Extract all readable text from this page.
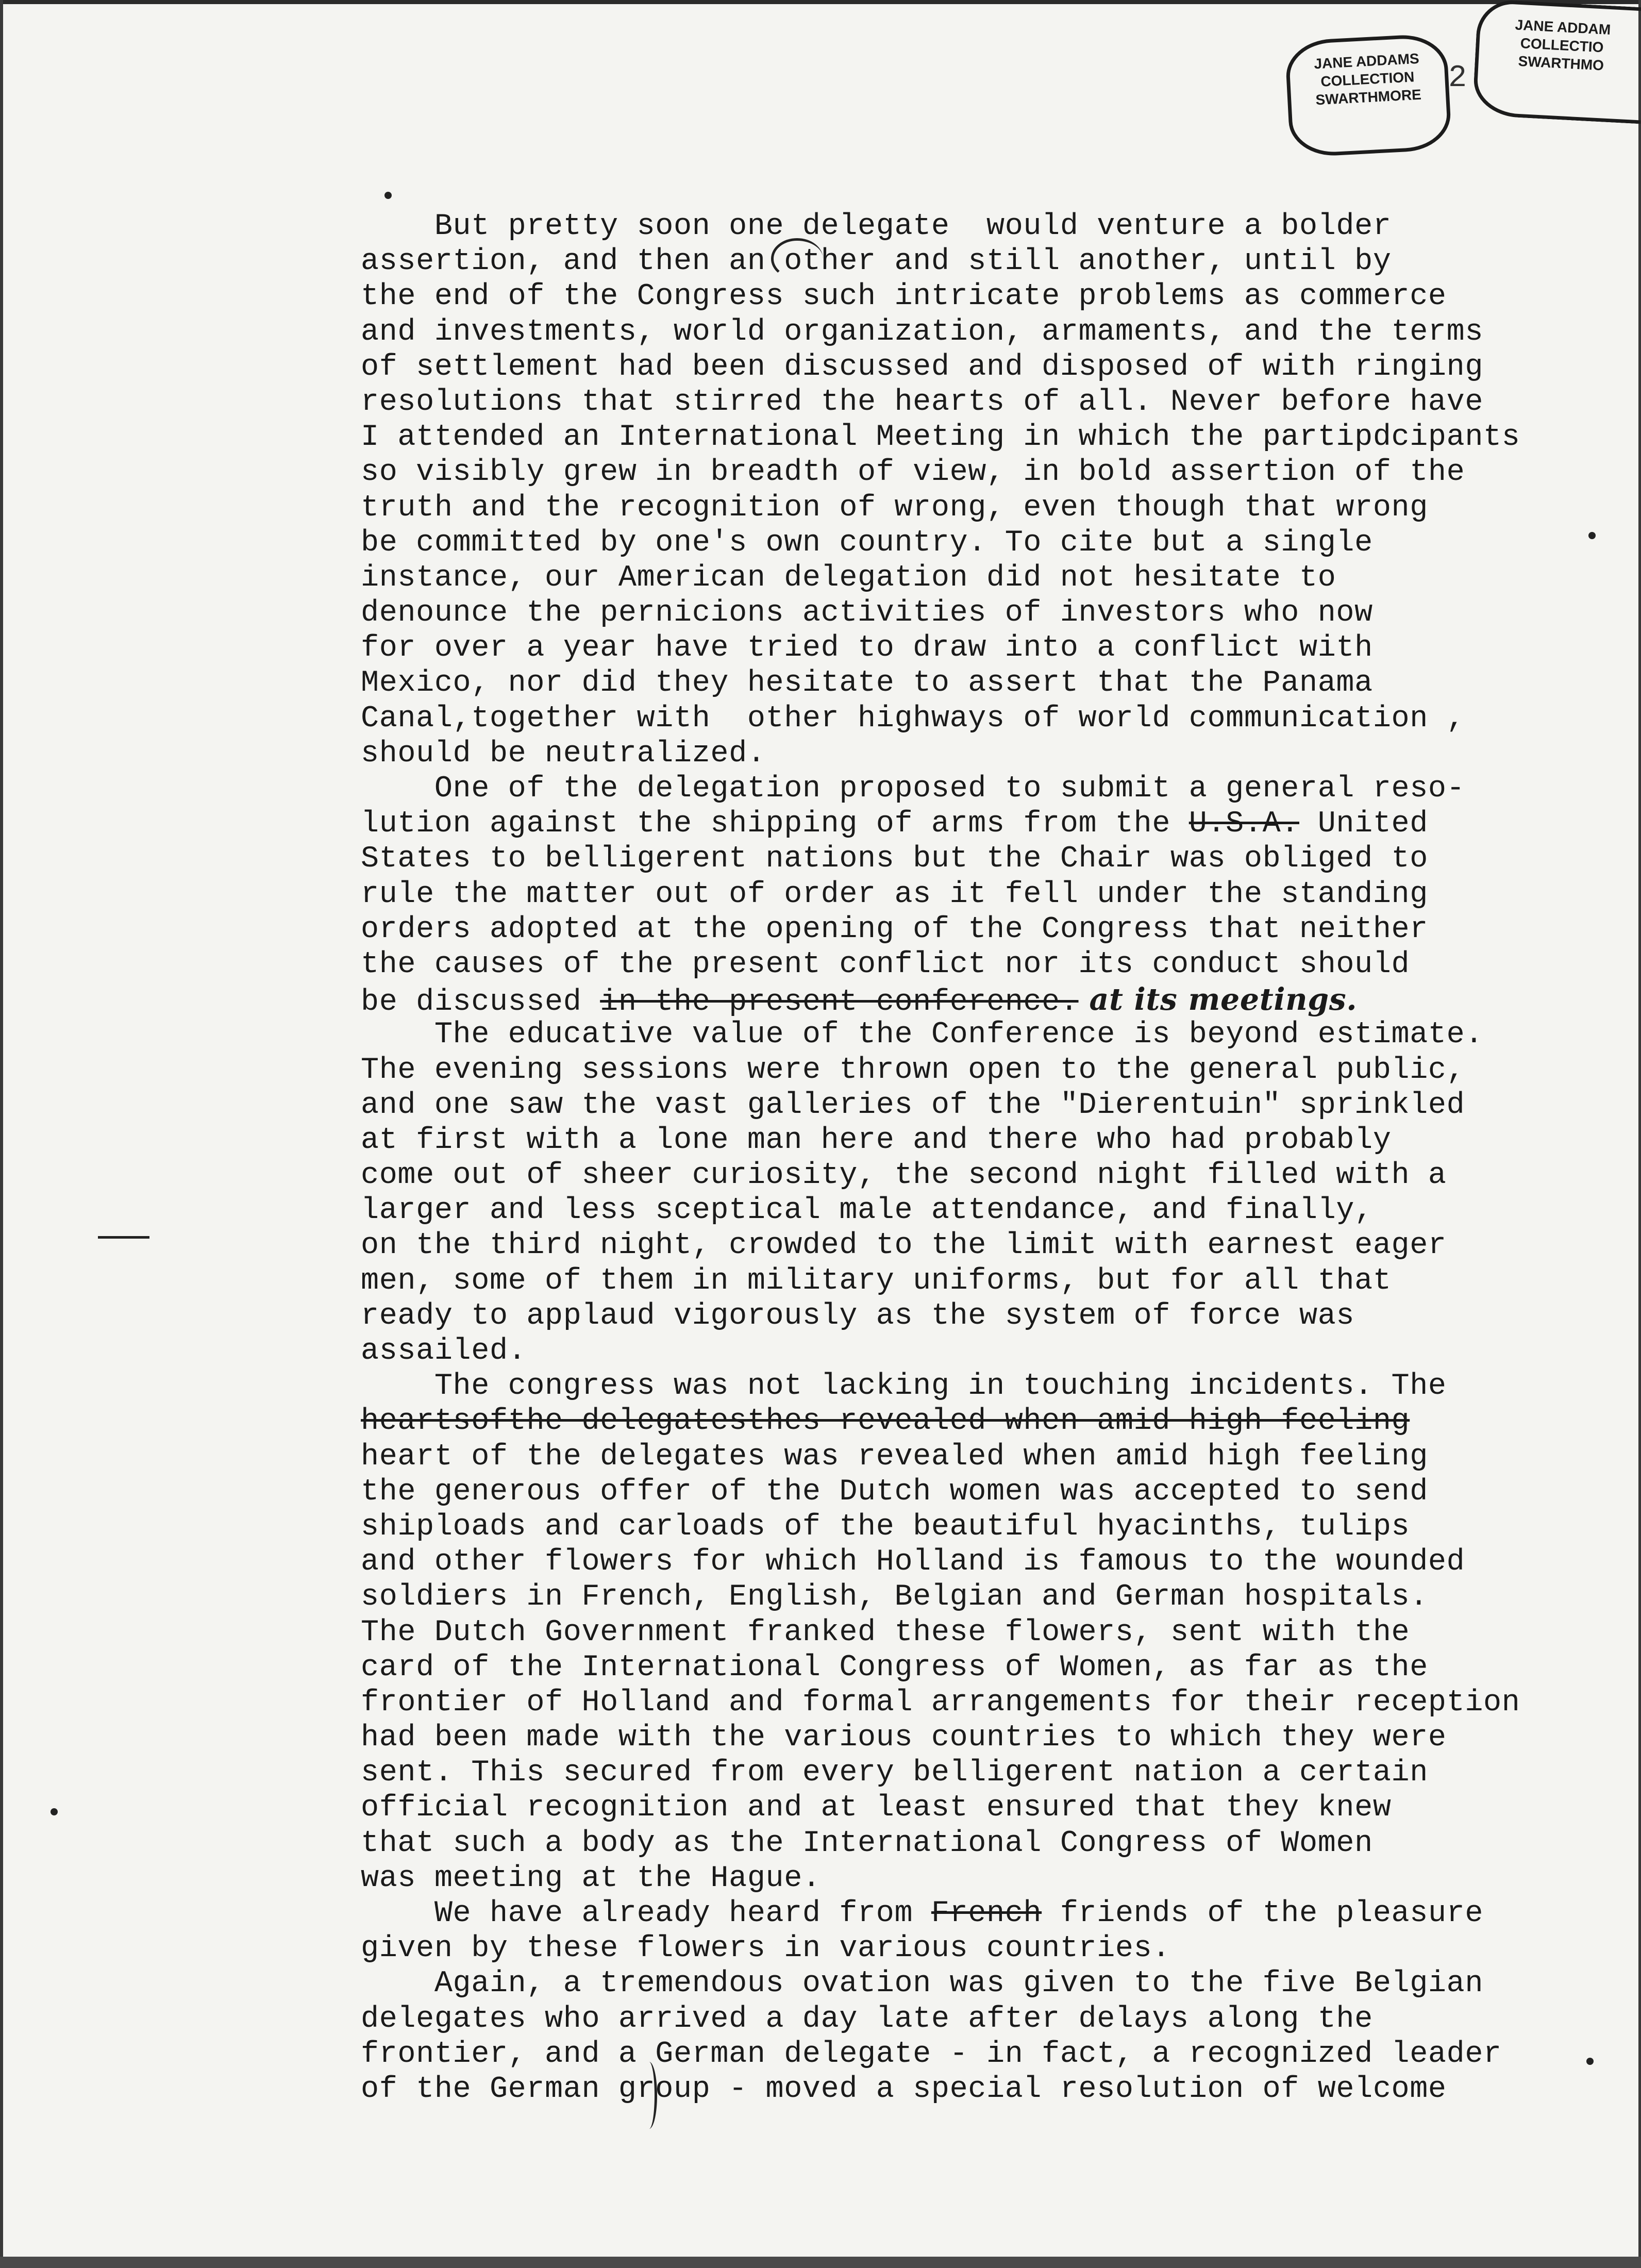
JANE ADDAMS
COLLECTION
SWARTHMORE
JANE ADDAM
COLLECTIO
SWARTHMO
2
But pretty soon one delegate  would venture a bolder
assertion, and then an other and still another, until by
the end of the Congress such intricate problems as commerce
and investments, world organization, armaments, and the terms
of settlement had been discussed and disposed of with ringing
resolutions that stirred the hearts of all. Never before have
I attended an International Meeting in which the partipdcipants
so visibly grew in breadth of view, in bold assertion of the
truth and the recognition of wrong, even though that wrong
be committed by one's own country. To cite but a single
instance, our American delegation did not hesitate to
denounce the pernicions activities of investors who now
for over a year have tried to draw into a conflict with
Mexico, nor did they hesitate to assert that the Panama
Canal,together with  other highways of world communication ,
should be neutralized.
One of the delegation proposed to submit a general reso-
lution against the shipping of arms from the U.S.A. United
States to belligerent nations but the Chair was obliged to
rule the matter out of order as it fell under the standing
orders adopted at the opening of the Congress that neither
the causes of the present conflict nor its conduct should
be discussed in the present conference. at its meetings.
The educative value of the Conference is beyond estimate.
The evening sessions were thrown open to the general public,
and one saw the vast galleries of the "Dierentuin" sprinkled
at first with a lone man here and there who had probably
come out of sheer curiosity, the second night filled with a
larger and less sceptical male attendance, and finally,
on the third night, crowded to the limit with earnest eager
men, some of them in military uniforms, but for all that
ready to applaud vigorously as the system of force was
assailed.
The congress was not lacking in touching incidents. The
heartsofthe delegatesthes revealed when amid high feeling
heart of the delegates was revealed when amid high feeling
the generous offer of the Dutch women was accepted to send
shiploads and carloads of the beautiful hyacinths, tulips
and other flowers for which Holland is famous to the wounded
soldiers in French, English, Belgian and German hospitals.
The Dutch Government franked these flowers, sent with the
card of the International Congress of Women, as far as the
frontier of Holland and formal arrangements for their reception
had been made with the various countries to which they were
sent. This secured from every belligerent nation a certain
official recognition and at least ensured that they knew
that such a body as the International Congress of Women
was meeting at the Hague.
We have already heard from French friends of the pleasure
given by these flowers in various countries.
Again, a tremendous ovation was given to the five Belgian
delegates who arrived a day late after delays along the
frontier, and a German delegate - in fact, a recognized leader
of the German group - moved a special resolution of welcome
